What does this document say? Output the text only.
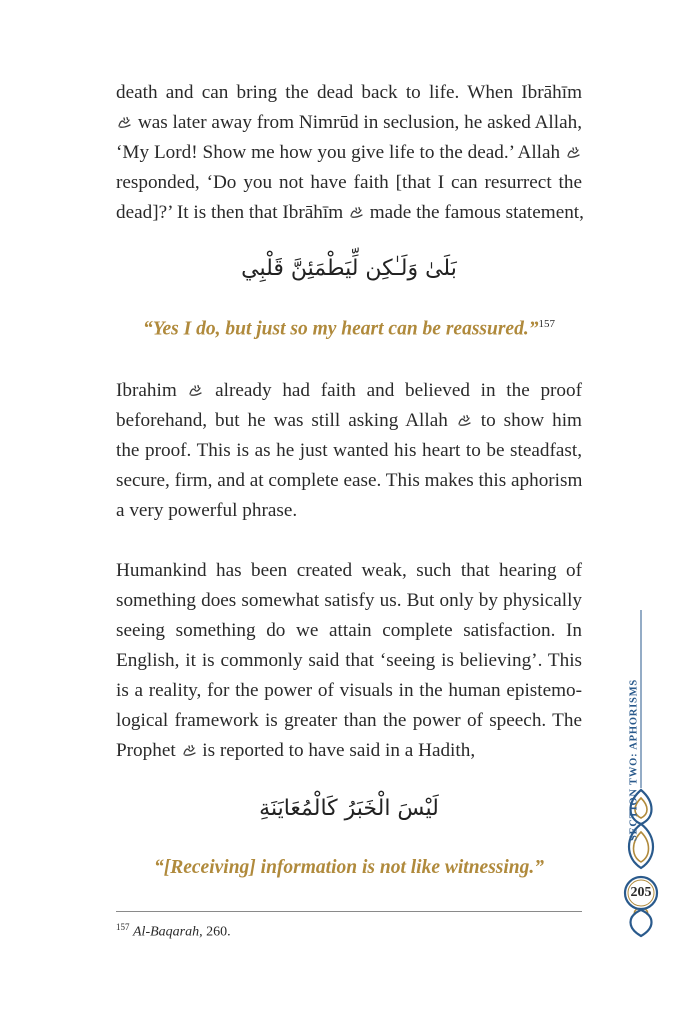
death and can bring the dead back to life. When Ibrāhīm
was later away from Nimrūd in seclusion, he asked Allah,
‘My Lord! Show me how you give life to the dead.’ Allah
responded, ‘Do you not have faith [that I can resurrect the
dead]?’ It is then that Ibrāhīm made the famous statement,
بَلَىٰ وَلَـٰكِن لِّيَطْمَئِنَّ قَلْبِي
“Yes I do, but just so my heart can be reassured.”$^{157}$
Ibrahim already had faith and believed in the proof
beforehand, but he was still asking Allah to show him
the proof. This is as he just wanted his heart to be steadfast,
secure, firm, and at complete ease. This makes this aphorism
a very powerful phrase.
Humankind has been created weak, such that hearing of
something does somewhat satisfy us. But only by physically
seeing something do we attain complete satisfaction. In
English, it is commonly said that ‘seeing is believing’. This
is a reality, for the power of visuals in the human epistemo-
logical framework is greater than the power of speech. The
Prophet is reported to have said in a Hadith,
لَيْسَ الْخَبَرُ كَالْمُعَايَنَةِ
“[Receiving] information is not like witnessing.”
$^{157}$ Al-Baqarah, 260.
SECTION TWO: APHORISMS
205
